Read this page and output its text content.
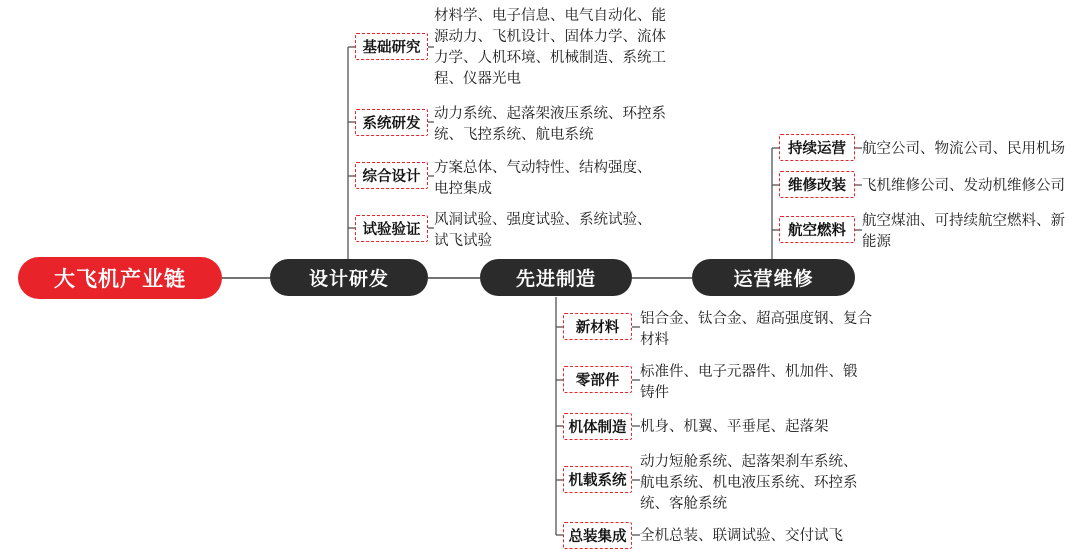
大飞机产业链	设计研发	先进制造	运营维修
基础研究
材料学、电子信息、电气自动化、能源动力、飞机设计、固体力学、流体力学、人机环境、机械制造、系统工程、仪器光电
系统研发
动力系统、起落架液压系统、环控系统、飞控系统、航电系统
综合设计
方案总体、气动特性、结构强度、电控集成
试验验证
风洞试验、强度试验、系统试验、试飞试验
新材料
铝合金、钛合金、超高强度钢、复合材料
零部件
标准件、电子元器件、机加件、锻铸件
机体制造 机身、机翼、平垂尾、起落架
机载系统
动力短舱系统、起落架刹车系统、航电系统、机电液压系统、环控系统、客舱系统
总装集成 全机总装、联调试验、交付试飞
持续运营 航空公司、物流公司、民用机场
维修改装 飞机维修公司、发动机维修公司
航空燃料
航空煤油、可持续航空燃料、新能源
